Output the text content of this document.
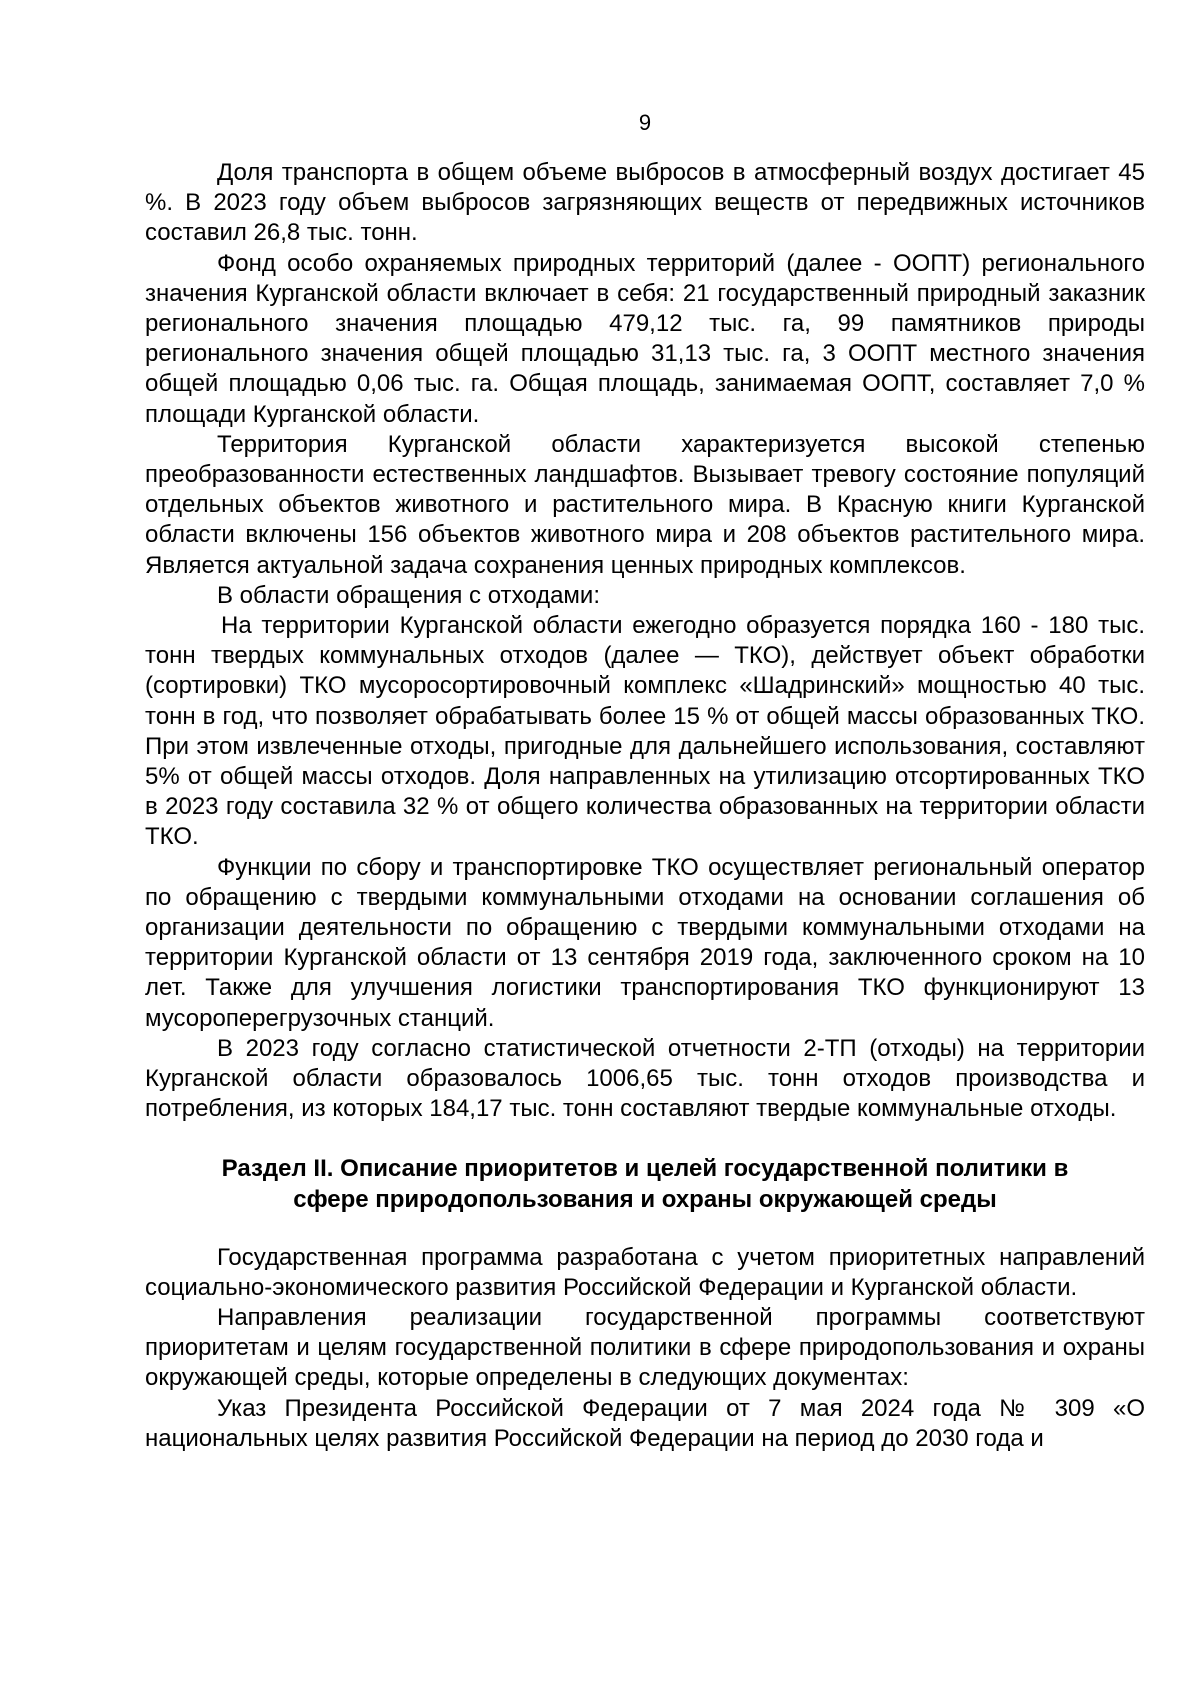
9

Доля транспорта в общем объеме выбросов в атмосферный воздух достигает 45 %. В 2023 году объем выбросов загрязняющих веществ от передвижных источников составил 26,8 тыс. тонн.

Фонд особо охраняемых природных территорий (далее - ООПТ) регионального значения Курганской области включает в себя: 21 государственный природный заказник регионального значения площадью 479,12 тыс. га, 99 памятников природы регионального значения общей площадью 31,13 тыс. га, 3 ООПТ местного значения общей площадью 0,06 тыс. га. Общая площадь, занимаемая ООПТ, составляет 7,0 % площади Курганской области.

Территория Курганской области характеризуется высокой степенью преобразованности естественных ландшафтов. Вызывает тревогу состояние популяций отдельных объектов животного и растительного мира. В Красную книги Курганской области включены 156 объектов животного мира и 208 объектов растительного мира. Является актуальной задача сохранения ценных природных комплексов.

В области обращения с отходами:

На территории Курганской области ежегодно образуется порядка 160 - 180 тыс. тонн твердых коммунальных отходов (далее — ТКО), действует объект обработки (сортировки) ТКО мусоросортировочный комплекс «Шадринский» мощностью 40 тыс. тонн в год, что позволяет обрабатывать более 15 % от общей массы образованных ТКО. При этом извлеченные отходы, пригодные для дальнейшего использования, составляют 5% от общей массы отходов. Доля направленных на утилизацию отсортированных ТКО в 2023 году составила 32 % от общего количества образованных на территории области ТКО.

Функции по сбору и транспортировке ТКО осуществляет региональный оператор по обращению с твердыми коммунальными отходами на основании соглашения об организации деятельности по обращению с твердыми коммунальными отходами на территории Курганской области от 13 сентября 2019 года, заключенного сроком на 10 лет. Также для улучшения логистики транспортирования ТКО функционируют 13 мусороперегрузочных станций.

В 2023 году согласно статистической отчетности 2-ТП (отходы) на территории Курганской области образовалось 1006,65 тыс. тонн отходов производства и потребления, из которых 184,17 тыс. тонн составляют твердые коммунальные отходы.

Раздел II. Описание приоритетов и целей государственной политики в
сфере природопользования и охраны окружающей среды

Государственная программа разработана с учетом приоритетных направлений социально-экономического развития Российской Федерации и Курганской области.

Направления реализации государственной программы соответствуют приоритетам и целям государственной политики в сфере природопользования и охраны окружающей среды, которые определены в следующих документах:

Указ Президента Российской Федерации от 7 мая 2024 года № 309 «О национальных целях развития Российской Федерации на период до 2030 года и
